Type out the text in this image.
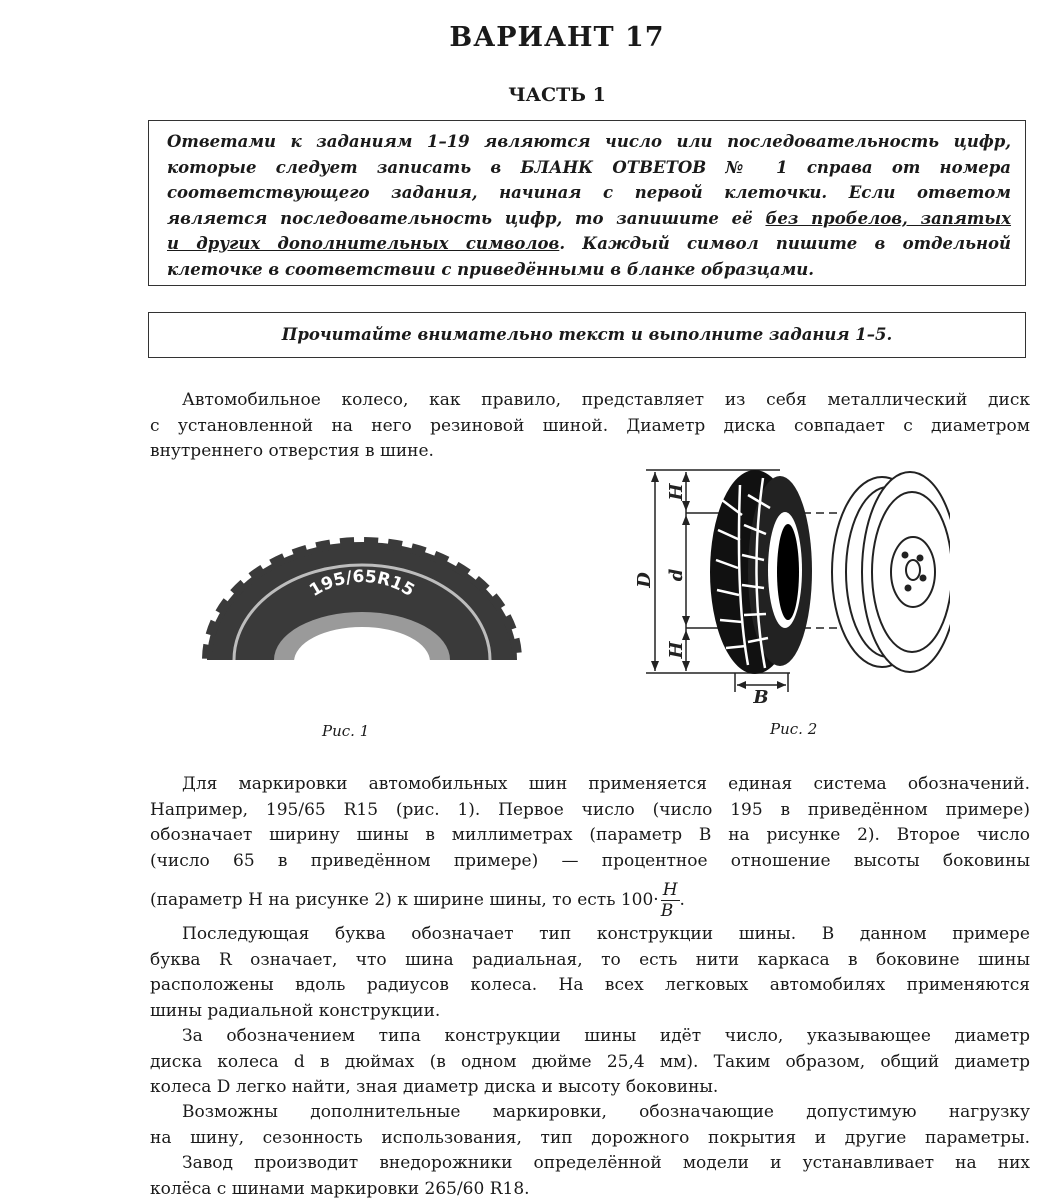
ВАРИАНТ 17
ЧАСТЬ 1
Ответами к заданиям 1–19 являются число или последовательность цифр,
которые следует записать в БЛАНК ОТВЕТОВ № 1 справа от номера
соответствующего задания, начиная с первой клеточки. Если ответом
является последовательность цифр, то запишите её без пробелов, запятых
и других дополнительных символов. Каждый символ пишите в отдельной
клеточке в соответствии с приведёнными в бланке образцами.
Прочитайте внимательно текст и выполните задания 1–5.
Автомобильное колесо, как правило, представляет из себя металлический диск
с установленной на него резиновой шиной. Диаметр диска совпадает с диаметром
внутреннего отверстия в шине.
195/65R15
Рис. 1
D d
H
H
B
Рис. 2
Для маркировки автомобильных шин применяется единая система обозначений.
Например, 195/65 R15 (рис. 1). Первое число (число 195 в приведённом примере)
обозначает ширину шины в миллиметрах (параметр B на рисунке 2). Второе число
(число 65 в приведённом примере) — процентное отношение высоты боковины
(параметр H на рисунке 2) к ширине шины, то есть $100\cdot \frac{H}{B}$ .
Последующая буква обозначает тип конструкции шины. В данном примере
буква R означает, что шина радиальная, то есть нити каркаса в боковине шины
расположены вдоль радиусов колеса. На всех легковых автомобилях применяются
шины радиальной конструкции.
За обозначением типа конструкции шины идёт число, указывающее диаметр
диска колеса d в дюймах (в одном дюйме 25,4 мм). Таким образом, общий диаметр
колеса D легко найти, зная диаметр диска и высоту боковины.
Возможны дополнительные маркировки, обозначающие допустимую нагрузку
на шину, сезонность использования, тип дорожного покрытия и другие параметры.
Завод производит внедорожники определённой модели и устанавливает на них
колёса с шинами маркировки 265/60 R18.
